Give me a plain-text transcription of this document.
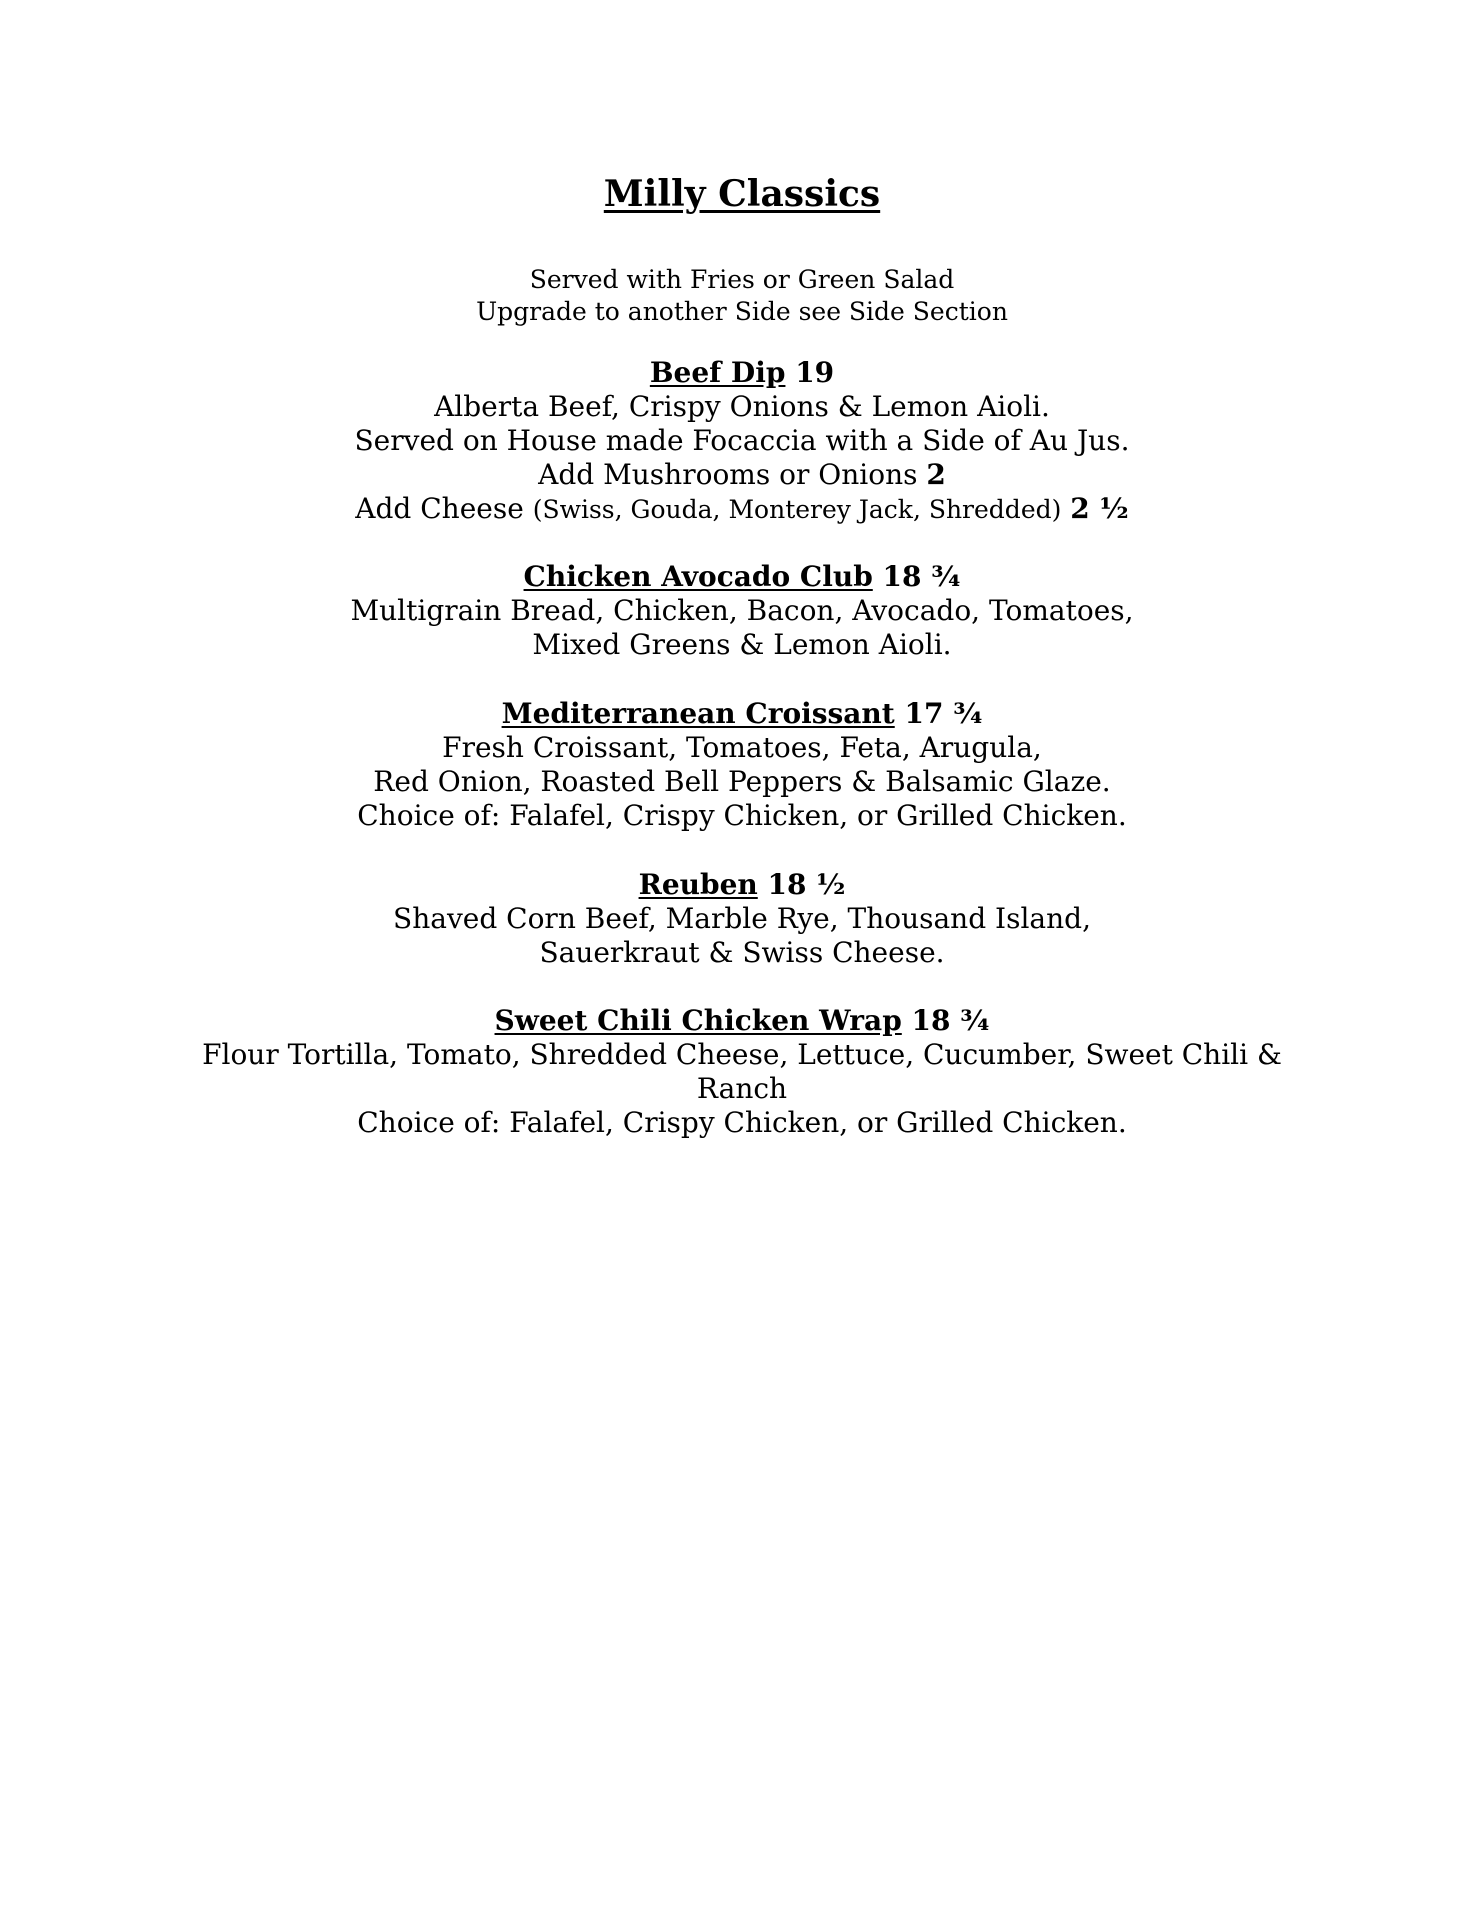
Milly Classics
Served with Fries or Green Salad
Upgrade to another Side see Side Section
Beef Dip 19
Alberta Beef, Crispy Onions & Lemon Aioli.
Served on House made Focaccia with a Side of Au Jus.
Add Mushrooms or Onions 2
Add Cheese (Swiss, Gouda, Monterey Jack, Shredded) 2 ½
Chicken Avocado Club 18 ¾
Multigrain Bread, Chicken, Bacon, Avocado, Tomatoes,
Mixed Greens & Lemon Aioli.
Mediterranean Croissant 17 ¾
Fresh Croissant, Tomatoes, Feta, Arugula,
Red Onion, Roasted Bell Peppers & Balsamic Glaze.
Choice of: Falafel, Crispy Chicken, or Grilled Chicken.
Reuben 18 ½
Shaved Corn Beef, Marble Rye, Thousand Island,
Sauerkraut & Swiss Cheese.
Sweet Chili Chicken Wrap 18 ¾
Flour Tortilla, Tomato, Shredded Cheese, Lettuce, Cucumber, Sweet Chili &
Ranch
Choice of: Falafel, Crispy Chicken, or Grilled Chicken.
